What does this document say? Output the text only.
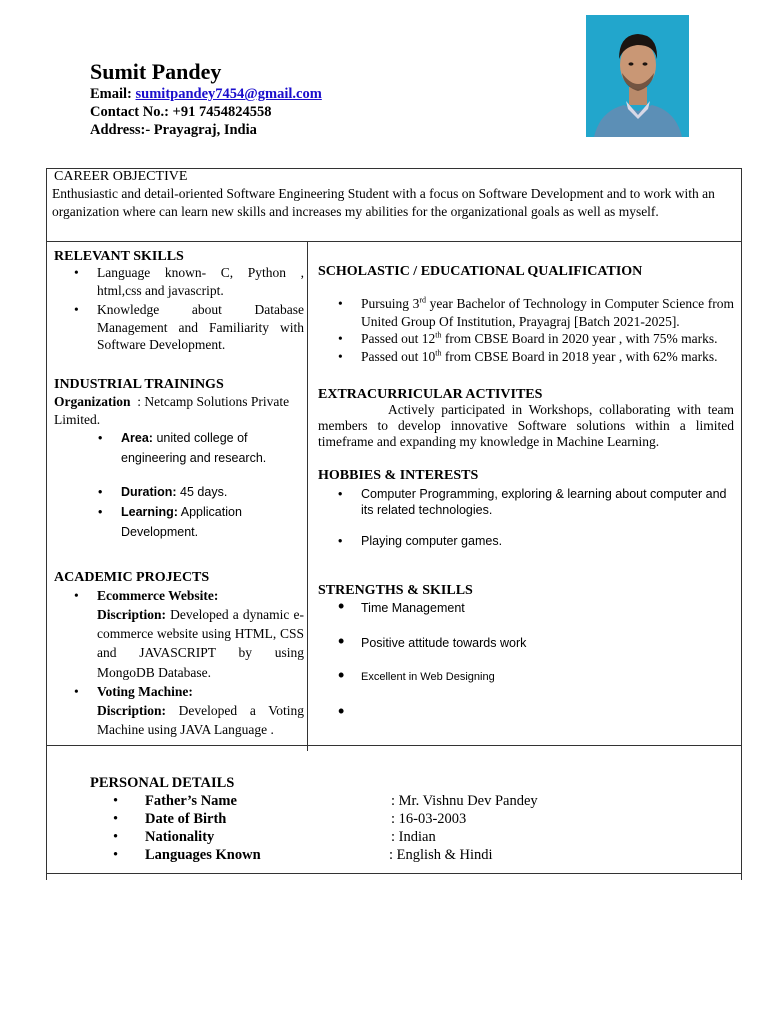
Sumit Pandey
Email: sumitpandey7454@gmail.com
Contact No.: +91 7454824558
Address:- Prayagraj, India
CAREER OBJECTIVE
Enthusiastic and detail-oriented Software Engineering Student with a focus on Software Development and to work with an organization where can learn new skills and increases my abilities for the organizational goals as well as myself.
RELEVANT SKILLS
• Language known- C, Python , html,css and javascript.
• Knowledge about Database Management and Familiarity with Software Development.
INDUSTRIAL TRAININGS
Organization : Netcamp Solutions Private Limited.
• Area: united college of engineering and research.
• Duration: 45 days.
• Learning: Application Development.
ACADEMIC PROJECTS
• Ecommerce Website:
Discription: Developed a dynamic e-commerce website using HTML, CSS and JAVASCRIPT by using MongoDB Database.
• Voting Machine:
Discription: Developed a Voting Machine using JAVA Language .
SCHOLASTIC / EDUCATIONAL QUALIFICATION
• Pursuing 3rd year Bachelor of Technology in Computer Science from United Group Of Institution, Prayagraj [Batch 2021-2025].
• Passed out 12th from CBSE Board in 2020 year , with 75% marks.
• Passed out 10th from CBSE Board in 2018 year , with 62% marks.
EXTRACURRICULAR ACTIVITES
Actively participated in Workshops, collaborating with team members to develop innovative Software solutions within a limited timeframe and expanding my knowledge in Machine Learning.
HOBBIES & INTERESTS
• Computer Programming, exploring & learning about computer and its related technologies.
• Playing computer games.
STRENGTHS & SKILLS
• Time Management
• Positive attitude towards work
• Excellent in Web Designing
•
PERSONAL DETAILS
• Father’s Name	: Mr. Vishnu Dev Pandey
• Date of Birth	: 16-03-2003
• Nationality	: Indian
• Languages Known	: English & Hindi
